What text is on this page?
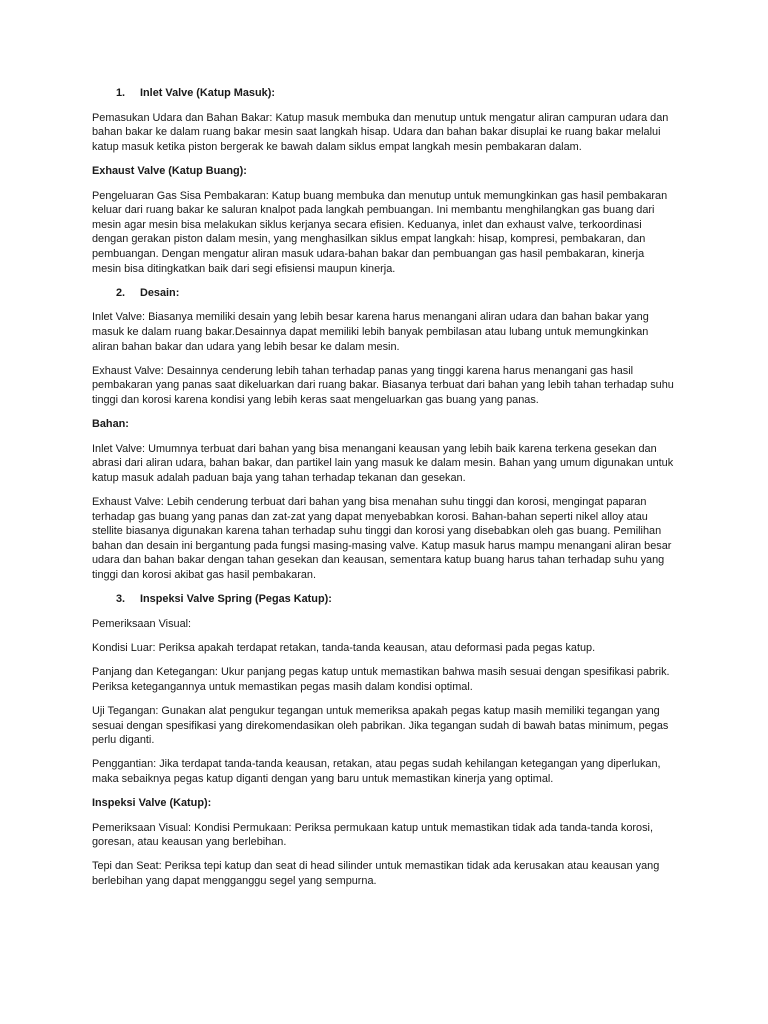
1.	Inlet Valve (Katup Masuk):

Pemasukan Udara dan Bahan Bakar: Katup masuk membuka dan menutup untuk mengatur aliran campuran udara dan bahan bakar ke dalam ruang bakar mesin saat langkah hisap. Udara dan bahan bakar disuplai ke ruang bakar melalui katup masuk ketika piston bergerak ke bawah dalam siklus empat langkah mesin pembakaran dalam.

Exhaust Valve (Katup Buang):

Pengeluaran Gas Sisa Pembakaran: Katup buang membuka dan menutup untuk memungkinkan gas hasil pembakaran keluar dari ruang bakar ke saluran knalpot pada langkah pembuangan. Ini membantu menghilangkan gas buang dari mesin agar mesin bisa melakukan siklus kerjanya secara efisien. Keduanya, inlet dan exhaust valve, terkoordinasi dengan gerakan piston dalam mesin, yang menghasilkan siklus empat langkah: hisap, kompresi, pembakaran, dan pembuangan. Dengan mengatur aliran masuk udara-bahan bakar dan pembuangan gas hasil pembakaran, kinerja mesin bisa ditingkatkan baik dari segi efisiensi maupun kinerja.

2.	Desain:

Inlet Valve: Biasanya memiliki desain yang lebih besar karena harus menangani aliran udara dan bahan bakar yang masuk ke dalam ruang bakar.Desainnya dapat memiliki lebih banyak pembilasan atau lubang untuk memungkinkan aliran bahan bakar dan udara yang lebih besar ke dalam mesin.

Exhaust Valve: Desainnya cenderung lebih tahan terhadap panas yang tinggi karena harus menangani gas hasil pembakaran yang panas saat dikeluarkan dari ruang bakar. Biasanya terbuat dari bahan yang lebih tahan terhadap suhu tinggi dan korosi karena kondisi yang lebih keras saat mengeluarkan gas buang yang panas.

Bahan:

Inlet Valve: Umumnya terbuat dari bahan yang bisa menangani keausan yang lebih baik karena terkena gesekan dan abrasi dari aliran udara, bahan bakar, dan partikel lain yang masuk ke dalam mesin. Bahan yang umum digunakan untuk katup masuk adalah paduan baja yang tahan terhadap tekanan dan gesekan.

Exhaust Valve: Lebih cenderung terbuat dari bahan yang bisa menahan suhu tinggi dan korosi, mengingat paparan terhadap gas buang yang panas dan zat-zat yang dapat menyebabkan korosi. Bahan-bahan seperti nikel alloy atau stellite biasanya digunakan karena tahan terhadap suhu tinggi dan korosi yang disebabkan oleh gas buang. Pemilihan bahan dan desain ini bergantung pada fungsi masing-masing valve. Katup masuk harus mampu menangani aliran besar udara dan bahan bakar dengan tahan gesekan dan keausan, sementara katup buang harus tahan terhadap suhu yang tinggi dan korosi akibat gas hasil pembakaran.

3.	Inspeksi Valve Spring (Pegas Katup):

Pemeriksaan Visual:

Kondisi Luar: Periksa apakah terdapat retakan, tanda-tanda keausan, atau deformasi pada pegas katup.

Panjang dan Ketegangan: Ukur panjang pegas katup untuk memastikan bahwa masih sesuai dengan spesifikasi pabrik. Periksa ketegangannya untuk memastikan pegas masih dalam kondisi optimal.

Uji Tegangan: Gunakan alat pengukur tegangan untuk memeriksa apakah pegas katup masih memiliki tegangan yang sesuai dengan spesifikasi yang direkomendasikan oleh pabrikan. Jika tegangan sudah di bawah batas minimum, pegas perlu diganti.

Penggantian: Jika terdapat tanda-tanda keausan, retakan, atau pegas sudah kehilangan ketegangan yang diperlukan, maka sebaiknya pegas katup diganti dengan yang baru untuk memastikan kinerja yang optimal.

Inspeksi Valve (Katup):

Pemeriksaan Visual: Kondisi Permukaan: Periksa permukaan katup untuk memastikan tidak ada tanda-tanda korosi, goresan, atau keausan yang berlebihan.

Tepi dan Seat: Periksa tepi katup dan seat di head silinder untuk memastikan tidak ada kerusakan atau keausan yang berlebihan yang dapat mengganggu segel yang sempurna.
